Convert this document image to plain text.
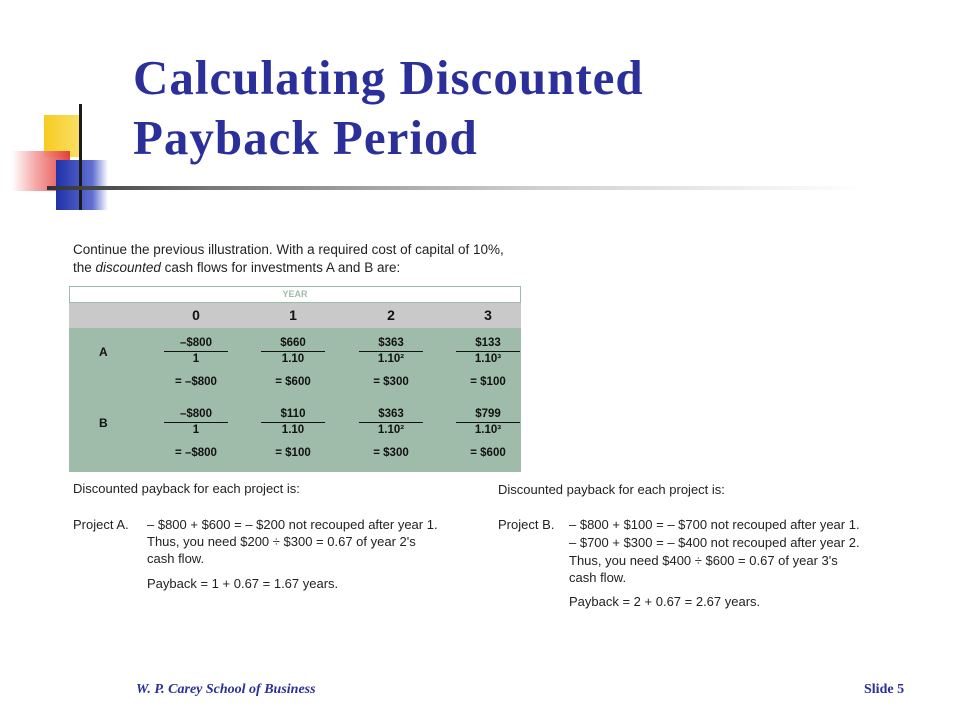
Calculating Discounted
Payback Period
Continue the previous illustration. With a required cost of capital of 10%, the discounted cash flows for investments A and B are:
YEAR
0	1	2	3
A	$\frac{-\$800}{1}$	$\frac{\$660}{1.10}$	$\frac{\$363}{\text{1.10²}}$	$\frac{\$133}{\text{1.10³}}$
= –$800	= $600	= $300	= $100
B	$\frac{-\$800}{1}$	$\frac{\$110}{1.10}$	$\frac{\$363}{\text{1.10²}}$	$\frac{\$799}{\text{1.10³}}$
= –$800	= $100	= $300	= $600
Discounted payback for each project is:
Project A. – $800 + $600 = – $200 not recouped after year 1.
Thus, you need $200 ÷ $300 = 0.67 of year 2's
cash flow.
Payback = 1 + 0.67 = 1.67 years.
Discounted payback for each project is:
Project B. – $800 + $100 = – $700 not recouped after year 1.
– $700 + $300 = – $400 not recouped after year 2.
Thus, you need $400 ÷ $600 = 0.67 of year 3's
cash flow.
Payback = 2 + 0.67 = 2.67 years.
W. P. Carey School of Business	Slide 5
